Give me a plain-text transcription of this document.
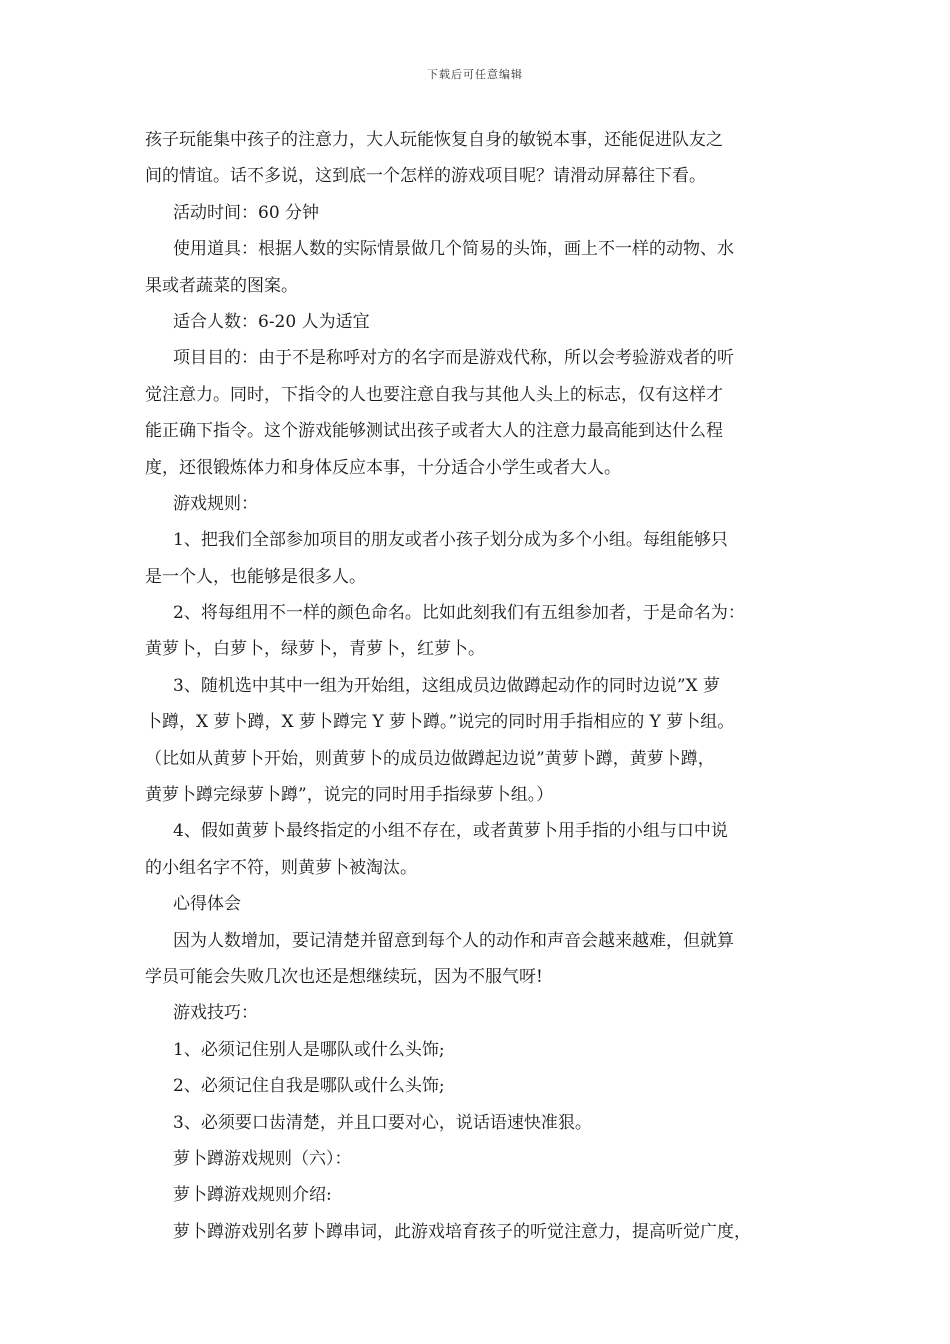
下载后可任意编辑
孩子玩能集中孩子的注意力，大人玩能恢复自身的敏锐本事，还能促进队友之
间的情谊。话不多说，这到底一个怎样的游戏项目呢？请滑动屏幕往下看。
活动时间：60 分钟
使用道具：根据人数的实际情景做几个简易的头饰，画上不一样的动物、水
果或者蔬菜的图案。
适合人数：6-20 人为适宜
项目目的：由于不是称呼对方的名字而是游戏代称，所以会考验游戏者的听
觉注意力。同时，下指令的人也要注意自我与其他人头上的标志，仅有这样才
能正确下指令。这个游戏能够测试出孩子或者大人的注意力最高能到达什么程
度，还很锻炼体力和身体反应本事，十分适合小学生或者大人。
游戏规则：
1、把我们全部参加项目的朋友或者小孩子划分成为多个小组。每组能够只
是一个人，也能够是很多人。
2、将每组用不一样的颜色命名。比如此刻我们有五组参加者，于是命名为：
黄萝卜，白萝卜，绿萝卜，青萝卜，红萝卜。
3、随机选中其中一组为开始组，这组成员边做蹲起动作的同时边说”X 萝
卜蹲，X 萝卜蹲，X 萝卜蹲完 Y 萝卜蹲。”说完的同时用手指相应的 Y 萝卜组。
（比如从黄萝卜开始，则黄萝卜的成员边做蹲起边说”黄萝卜蹲，黄萝卜蹲，
黄萝卜蹲完绿萝卜蹲”，说完的同时用手指绿萝卜组。）
4、假如黄萝卜最终指定的小组不存在，或者黄萝卜用手指的小组与口中说
的小组名字不符，则黄萝卜被淘汰。
心得体会
因为人数增加，要记清楚并留意到每个人的动作和声音会越来越难，但就算
学员可能会失败几次也还是想继续玩，因为不服气呀!
游戏技巧：
1、必须记住别人是哪队或什么头饰;
2、必须记住自我是哪队或什么头饰;
3、必须要口齿清楚，并且口要对心，说话语速快准狠。
萝卜蹲游戏规则（六）：
萝卜蹲游戏规则介绍:
萝卜蹲游戏别名萝卜蹲串词，此游戏培育孩子的听觉注意力，提高听觉广度，
